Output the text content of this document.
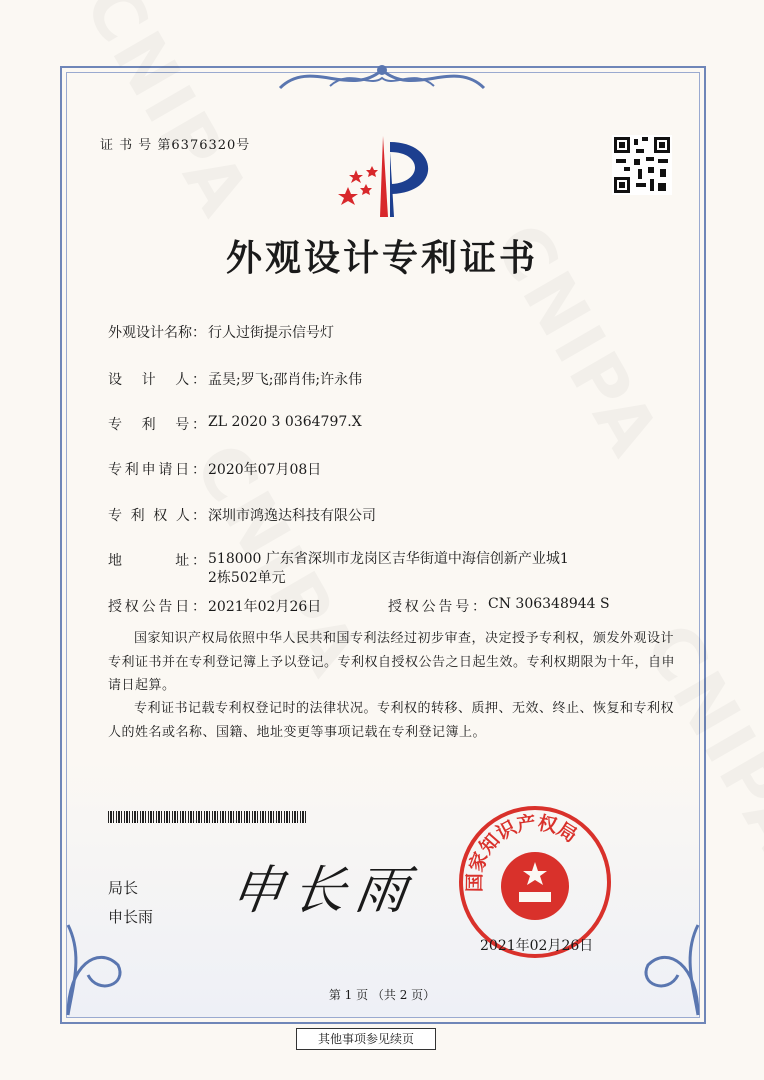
证 书 号 第6376320号
外观设计专利证书
外观设计名称： 行人过街提示信号灯
设　计　人： 孟昊;罗飞;邵肖伟;许永伟
专　利　号： ZL 2020 3 0364797.X
专利申请日： 2020年07月08日
专 利 权 人： 深圳市鸿逸达科技有限公司
地　　　址： 518000 广东省深圳市龙岗区吉华街道中海信创新产业城1
2栋502单元
授权公告日： 2021年02月26日	授权公告号： CN 306348944 S

国家知识产权局依照中华人民共和国专利法经过初步审查，决定授予专利权，颁发外观设计专利证书并在专利登记簿上予以登记。专利权自授权公告之日起生效。专利权期限为十年，自申请日起算。

专利证书记载专利权登记时的法律状况。专利权的转移、质押、无效、终止、恢复和专利权人的姓名或名称、国籍、地址变更等事项记载在专利登记簿上。

局长
申长雨 申长雨 国家知识产权局
2021年02月26日
第 1 页 （共 2 页）
其他事项参见续页
